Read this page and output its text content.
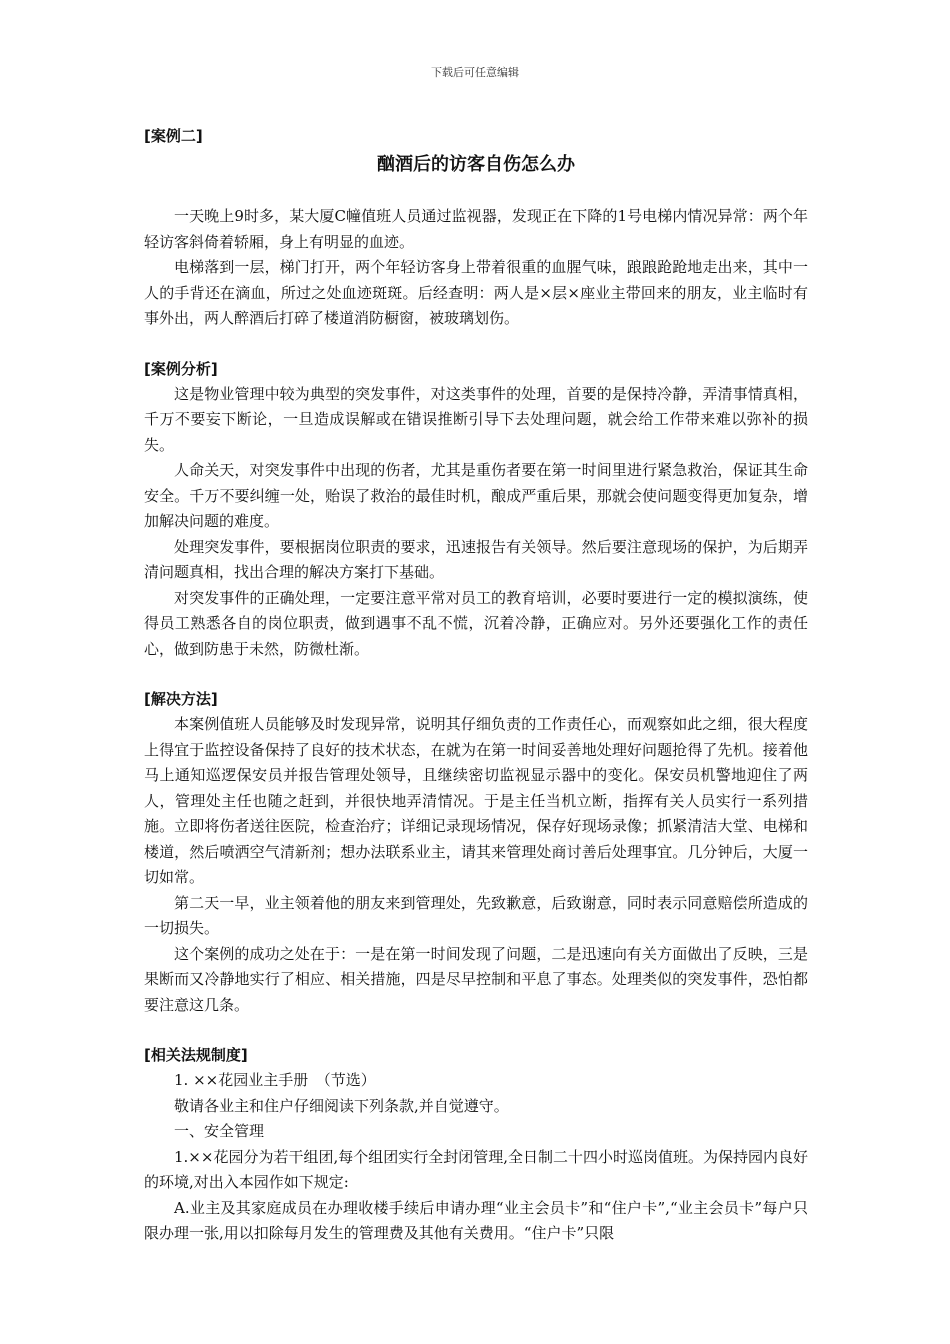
下载后可任意编辑

[案例二]

酗酒后的访客自伤怎么办

一天晚上9时多，某大厦C幢值班人员通过监视器，发现正在下降的1号电梯内情况异常：两个年轻访客斜倚着轿厢，身上有明显的血迹。

电梯落到一层，梯门打开，两个年轻访客身上带着很重的血腥气味，踉踉跄跄地走出来，其中一人的手背还在滴血，所过之处血迹斑斑。后经查明：两人是×层×座业主带回来的朋友，业主临时有事外出，两人醉酒后打碎了楼道消防橱窗，被玻璃划伤。

[案例分析]

这是物业管理中较为典型的突发事件，对这类事件的处理，首要的是保持冷静，弄清事情真相，千万不要妄下断论，一旦造成误解或在错误推断引导下去处理问题，就会给工作带来难以弥补的损失。

人命关天，对突发事件中出现的伤者，尤其是重伤者要在第一时间里进行紧急救治，保证其生命安全。千万不要纠缠一处，贻误了救治的最佳时机，酿成严重后果，那就会使问题变得更加复杂，增加解决问题的难度。

处理突发事件，要根据岗位职责的要求，迅速报告有关领导。然后要注意现场的保护，为后期弄清问题真相，找出合理的解决方案打下基础。

对突发事件的正确处理，一定要注意平常对员工的教育培训，必要时要进行一定的模拟演练，使得员工熟悉各自的岗位职责，做到遇事不乱不慌，沉着冷静，正确应对。另外还要强化工作的责任心，做到防患于未然，防微杜渐。

[解决方法]

本案例值班人员能够及时发现异常，说明其仔细负责的工作责任心，而观察如此之细，很大程度上得宜于监控设备保持了良好的技术状态，在就为在第一时间妥善地处理好问题抢得了先机。接着他马上通知巡逻保安员并报告管理处领导，且继续密切监视显示器中的变化。保安员机警地迎住了两人，管理处主任也随之赶到，并很快地弄清情况。于是主任当机立断，指挥有关人员实行一系列措施。立即将伤者送往医院，检查治疗；详细记录现场情况，保存好现场录像；抓紧清洁大堂、电梯和楼道，然后喷洒空气清新剂；想办法联系业主，请其来管理处商讨善后处理事宜。几分钟后，大厦一切如常。

第二天一早，业主领着他的朋友来到管理处，先致歉意，后致谢意，同时表示同意赔偿所造成的一切损失。

这个案例的成功之处在于：一是在第一时间发现了问题，二是迅速向有关方面做出了反映，三是果断而又冷静地实行了相应、相关措施，四是尽早控制和平息了事态。处理类似的突发事件，恐怕都要注意这几条。

[相关法规制度]

1. ××花园业主手册　（节选）

敬请各业主和住户仔细阅读下列条款,并自觉遵守。

一、安全管理

1.××花园分为若干组团,每个组团实行全封闭管理,全日制二十四小时巡岗值班。为保持园内良好的环境,对出入本园作如下规定:

A.业主及其家庭成员在办理收楼手续后申请办理“业主会员卡”和“住户卡”,“业主会员卡”每户只限办理一张,用以扣除每月发生的管理费及其他有关费用。“住户卡”只限
